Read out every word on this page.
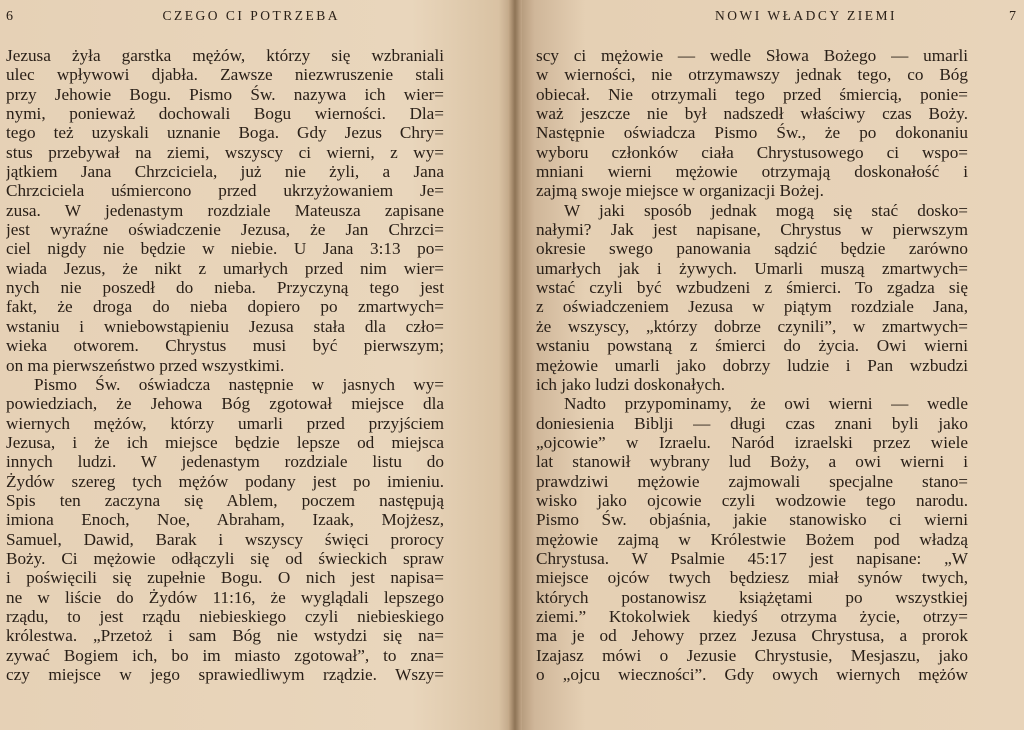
6	CZEGO CI POTRZEBA
Jezusa żyła garstka mężów, którzy się wzbraniali
ulec wpływowi djabła. Zawsze niezwruszenie stali
przy Jehowie Bogu. Pismo Św. nazywa ich wier=
nymi, ponieważ dochowali Bogu wierności. Dla=
tego też uzyskali uznanie Boga. Gdy Jezus Chry=
stus przebywał na ziemi, wszyscy ci wierni, z wy=
jątkiem Jana Chrzciciela, już nie żyli, a Jana
Chrzciciela uśmiercono przed ukrzyżowaniem Je=
zusa. W jedenastym rozdziale Mateusza zapisane
jest wyraźne oświadczenie Jezusa, że Jan Chrzci=
ciel nigdy nie będzie w niebie. U Jana 3:13 po=
wiada Jezus, że nikt z umarłych przed nim wier=
nych nie poszedł do nieba. Przyczyną tego jest
fakt, że droga do nieba dopiero po zmartwych=
wstaniu i wniebowstąpieniu Jezusa stała dla czło=
wieka otworem. Chrystus musi być pierwszym;
on ma pierwszeństwo przed wszystkimi.
Pismo Św. oświadcza następnie w jasnych wy=
powiedziach, że Jehowa Bóg zgotował miejsce dla
wiernych mężów, którzy umarli przed przyjściem
Jezusa, i że ich miejsce będzie lepsze od miejsca
innych ludzi. W jedenastym rozdziale listu do
Żydów szereg tych mężów podany jest po imieniu.
Spis ten zaczyna się Ablem, poczem następują
imiona Enoch, Noe, Abraham, Izaak, Mojżesz,
Samuel, Dawid, Barak i wszyscy święci prorocy
Boży. Ci mężowie odłączyli się od świeckich spraw
i poświęcili się zupełnie Bogu. O nich jest napisa=
ne w liście do Żydów 11:16, że wyglądali lepszego
rządu, to jest rządu niebieskiego czyli niebieskiego
królestwa. „Przetoż i sam Bóg nie wstydzi się na=
zywać Bogiem ich, bo im miasto zgotował”, to zna=
czy miejsce w jego sprawiedliwym rządzie. Wszy=
NOWI WŁADCY ZIEMI	7
scy ci mężowie — wedle Słowa Bożego — umarli
w wierności, nie otrzymawszy jednak tego, co Bóg
obiecał. Nie otrzymali tego przed śmiercią, ponie=
waż jeszcze nie był nadszedł właściwy czas Boży.
Następnie oświadcza Pismo Św., że po dokonaniu
wyboru członków ciała Chrystusowego ci wspo=
mniani wierni mężowie otrzymają doskonałość i
zajmą swoje miejsce w organizacji Bożej.
W jaki sposób jednak mogą się stać dosko=
nałymi? Jak jest napisane, Chrystus w pierwszym
okresie swego panowania sądzić będzie zarówno
umarłych jak i żywych. Umarli muszą zmartwych=
wstać czyli być wzbudzeni z śmierci. To zgadza się
z oświadczeniem Jezusa w piątym rozdziale Jana,
że wszyscy, „którzy dobrze czynili”, w zmartwych=
wstaniu powstaną z śmierci do życia. Owi wierni
mężowie umarli jako dobrzy ludzie i Pan wzbudzi
ich jako ludzi doskonałych.
Nadto przypominamy, że owi wierni — wedle
doniesienia Biblji — długi czas znani byli jako
„ojcowie” w Izraelu. Naród izraelski przez wiele
lat stanowił wybrany lud Boży, a owi wierni i
prawdziwi mężowie zajmowali specjalne stano=
wisko jako ojcowie czyli wodzowie tego narodu.
Pismo Św. objaśnia, jakie stanowisko ci wierni
mężowie zajmą w Królestwie Bożem pod władzą
Chrystusa. W Psalmie 45:17 jest napisane: „W
miejsce ojców twych będziesz miał synów twych,
których postanowisz książętami po wszystkiej
ziemi.” Ktokolwiek kiedyś otrzyma życie, otrzy=
ma je od Jehowy przez Jezusa Chrystusa, a prorok
Izajasz mówi o Jezusie Chrystusie, Mesjaszu, jako
o „ojcu wieczności”. Gdy owych wiernych mężów
